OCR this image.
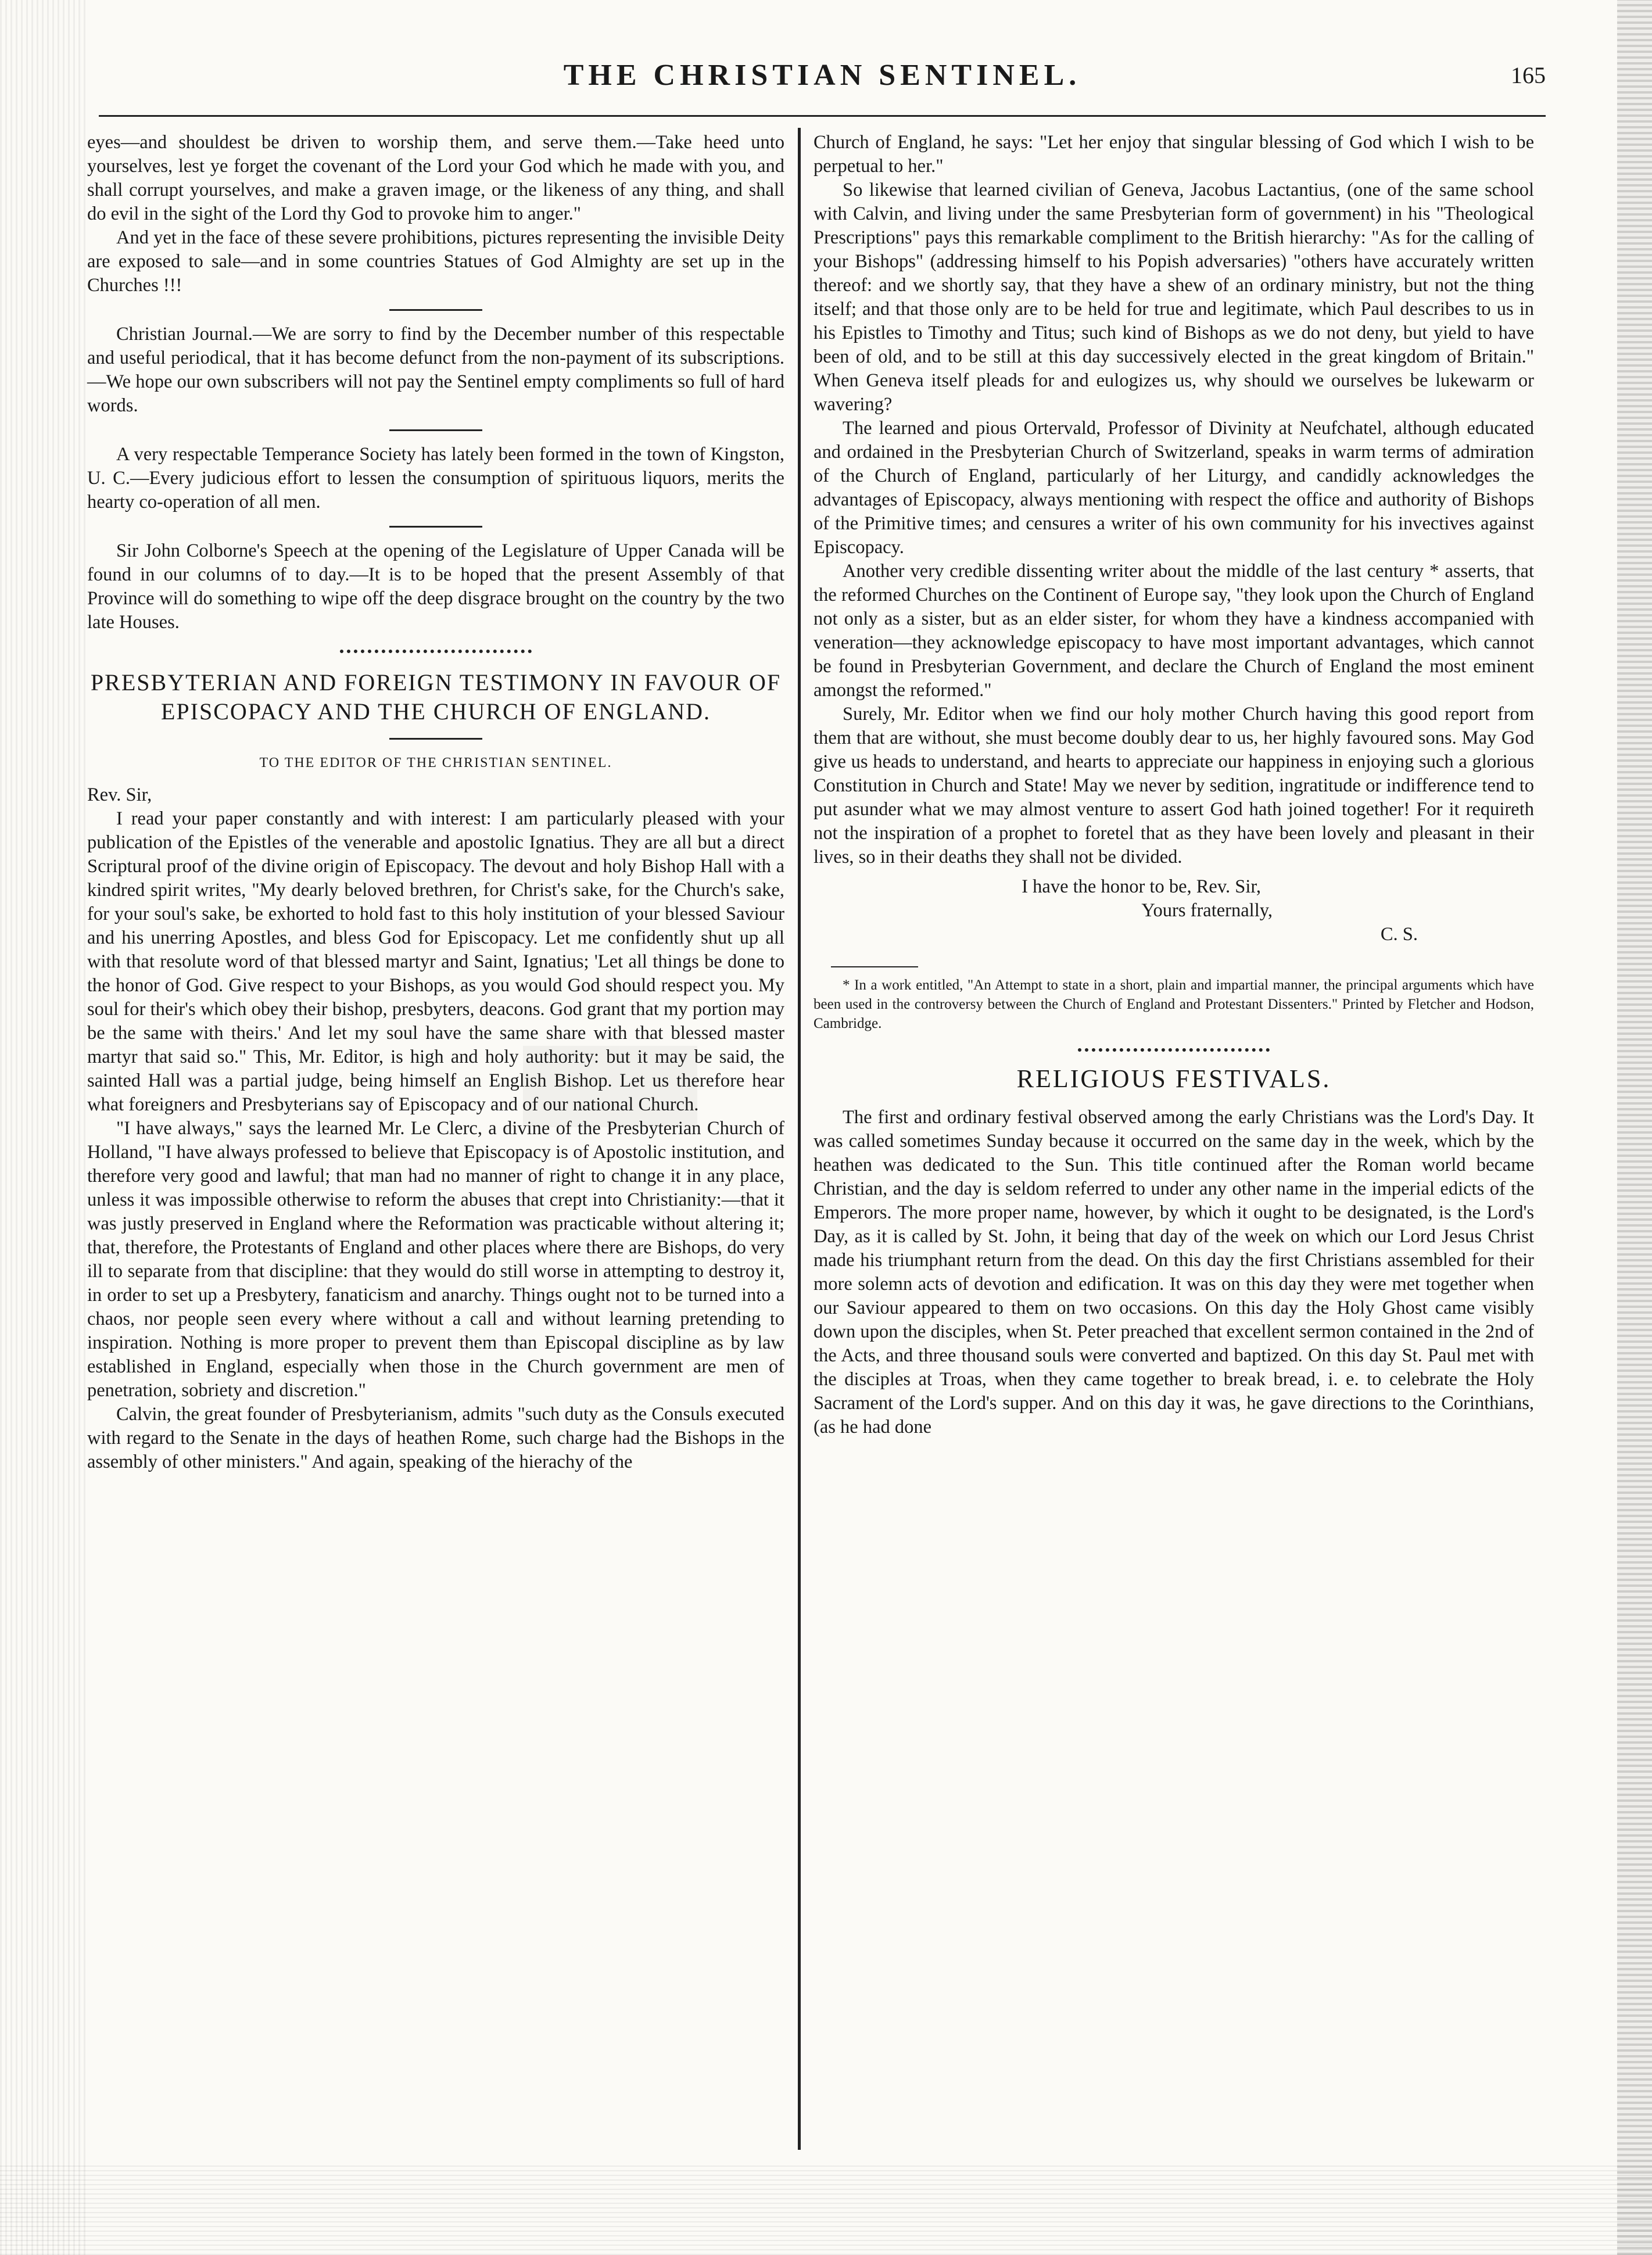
THE CHRISTIAN SENTINEL.	165

eyes—and shouldest be driven to worship them, and serve them.—Take heed unto yourselves, lest ye forget the covenant of the Lord your God which he made with you, and shall corrupt yourselves, and make a graven image, or the likeness of any thing, and shall do evil in the sight of the Lord thy God to provoke him to anger."

And yet in the face of these severe prohibitions, pictures representing the invisible Deity are exposed to sale—and in some countries Statues of God Almighty are set up in the Churches !!!

Christian Journal.—We are sorry to find by the December number of this respectable and useful periodical, that it has become defunct from the non-payment of its subscriptions.—We hope our own subscribers will not pay the Sentinel empty compliments so full of hard words.

A very respectable Temperance Society has lately been formed in the town of Kingston, U. C.—Every judicious effort to lessen the consumption of spirituous liquors, merits the hearty co-operation of all men.

Sir John Colborne's Speech at the opening of the Legislature of Upper Canada will be found in our columns of to day.—It is to be hoped that the present Assembly of that Province will do something to wipe off the deep disgrace brought on the country by the two late Houses.

PRESBYTERIAN AND FOREIGN TESTIMONY IN FAVOUR OF EPISCOPACY AND THE CHURCH OF ENGLAND.
TO THE EDITOR OF THE CHRISTIAN SENTINEL.

Rev. Sir,

I read your paper constantly and with interest: I am particularly pleased with your publication of the Epistles of the venerable and apostolic Ignatius. They are all but a direct Scriptural proof of the divine origin of Episcopacy. The devout and holy Bishop Hall with a kindred spirit writes, "My dearly beloved brethren, for Christ's sake, for the Church's sake, for your soul's sake, be exhorted to hold fast to this holy institution of your blessed Saviour and his unerring Apostles, and bless God for Episcopacy. Let me confidently shut up all with that resolute word of that blessed martyr and Saint, Ignatius; 'Let all things be done to the honor of God. Give respect to your Bishops, as you would God should respect you. My soul for their's which obey their bishop, presbyters, deacons. God grant that my portion may be the same with theirs.' And let my soul have the same share with that blessed master martyr that said so." This, Mr. Editor, is high and holy authority: but it may be said, the sainted Hall was a partial judge, being himself an English Bishop. Let us therefore hear what foreigners and Presbyterians say of Episcopacy and of our national Church.

"I have always," says the learned Mr. Le Clerc, a divine of the Presbyterian Church of Holland, "I have always professed to believe that Episcopacy is of Apostolic institution, and therefore very good and lawful; that man had no manner of right to change it in any place, unless it was impossible otherwise to reform the abuses that crept into Christianity:—that it was justly preserved in England where the Reformation was practicable without altering it; that, therefore, the Protestants of England and other places where there are Bishops, do very ill to separate from that discipline: that they would do still worse in attempting to destroy it, in order to set up a Presbytery, fanaticism and anarchy. Things ought not to be turned into a chaos, nor people seen every where without a call and without learning pretending to inspiration. Nothing is more proper to prevent them than Episcopal discipline as by law established in England, especially when those in the Church government are men of penetration, sobriety and discretion."

Calvin, the great founder of Presbyterianism, admits "such duty as the Consuls executed with regard to the Senate in the days of heathen Rome, such charge had the Bishops in the assembly of other ministers." And again, speaking of the hierachy of the

Church of England, he says: "Let her enjoy that singular blessing of God which I wish to be perpetual to her."

So likewise that learned civilian of Geneva, Jacobus Lactantius, (one of the same school with Calvin, and living under the same Presbyterian form of government) in his "Theological Prescriptions" pays this remarkable compliment to the British hierarchy: "As for the calling of your Bishops" (addressing himself to his Popish adversaries) "others have accurately written thereof: and we shortly say, that they have a shew of an ordinary ministry, but not the thing itself; and that those only are to be held for true and legitimate, which Paul describes to us in his Epistles to Timothy and Titus; such kind of Bishops as we do not deny, but yield to have been of old, and to be still at this day successively elected in the great kingdom of Britain." When Geneva itself pleads for and eulogizes us, why should we ourselves be lukewarm or wavering?

The learned and pious Ortervald, Professor of Divinity at Neufchatel, although educated and ordained in the Presbyterian Church of Switzerland, speaks in warm terms of admiration of the Church of England, particularly of her Liturgy, and candidly acknowledges the advantages of Episcopacy, always mentioning with respect the office and authority of Bishops of the Primitive times; and censures a writer of his own community for his invectives against Episcopacy.

Another very credible dissenting writer about the middle of the last century * asserts, that the reformed Churches on the Continent of Europe say, "they look upon the Church of England not only as a sister, but as an elder sister, for whom they have a kindness accompanied with veneration—they acknowledge episcopacy to have most important advantages, which cannot be found in Presbyterian Government, and declare the Church of England the most eminent amongst the reformed."

Surely, Mr. Editor when we find our holy mother Church having this good report from them that are without, she must become doubly dear to us, her highly favoured sons. May God give us heads to understand, and hearts to appreciate our happiness in enjoying such a glorious Constitution in Church and State! May we never by sedition, ingratitude or indifference tend to put asunder what we may almost venture to assert God hath joined together! For it requireth not the inspiration of a prophet to foretel that as they have been lovely and pleasant in their lives, so in their deaths they shall not be divided.

I have the honor to be, Rev. Sir,

Yours fraternally,

C. S.

* In a work entitled, "An Attempt to state in a short, plain and impartial manner, the principal arguments which have been used in the controversy between the Church of England and Protestant Dissenters." Printed by Fletcher and Hodson, Cambridge.

RELIGIOUS FESTIVALS.

The first and ordinary festival observed among the early Christians was the Lord's Day. It was called sometimes Sunday because it occurred on the same day in the week, which by the heathen was dedicated to the Sun. This title continued after the Roman world became Christian, and the day is seldom referred to under any other name in the imperial edicts of the Emperors. The more proper name, however, by which it ought to be designated, is the Lord's Day, as it is called by St. John, it being that day of the week on which our Lord Jesus Christ made his triumphant return from the dead. On this day the first Christians assembled for their more solemn acts of devotion and edification. It was on this day they were met together when our Saviour appeared to them on two occasions. On this day the Holy Ghost came visibly down upon the disciples, when St. Peter preached that excellent sermon contained in the 2nd of the Acts, and three thousand souls were converted and baptized. On this day St. Paul met with the disciples at Troas, when they came together to break bread, i. e. to celebrate the Holy Sacrament of the Lord's supper. And on this day it was, he gave directions to the Corinthians, (as he had done
